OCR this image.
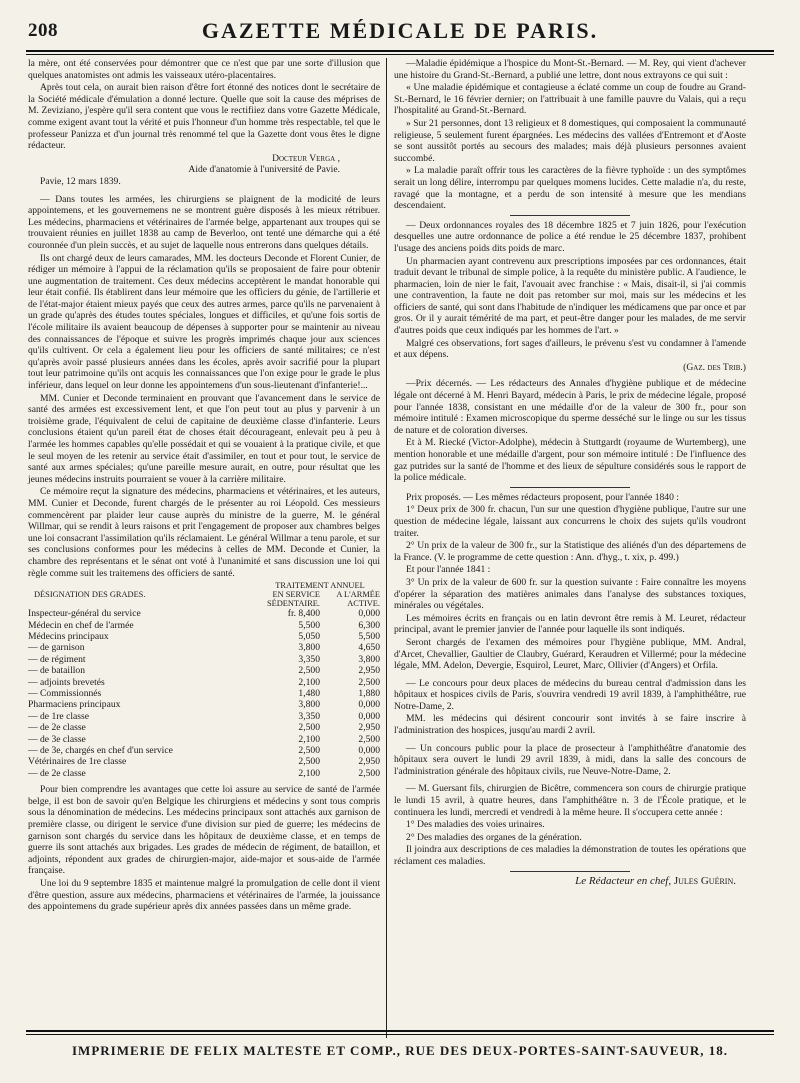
208	GAZETTE MÉDICALE DE PARIS.

la mère, ont été conservées pour démontrer que ce n'est que par une sorte d'illusion que quelques anatomistes ont admis les vaisseaux utéro-placentaires.

Après tout cela, on aurait bien raison d'être fort étonné des notices dont le secrétaire de la Société médicale d'émulation a donné lecture. Quelle que soit la cause des méprises de M. Zeviziano, j'espère qu'il sera content que vous le rectifiiez dans votre Gazette Médicale, comme exigent avant tout la vérité et puis l'honneur d'un homme très respectable, tel que le professeur Panizza et d'un journal très renommé tel que la Gazette dont vous êtes le digne rédacteur.

Docteur Verga ,
Aide d'anatomie à l'université de Pavie.

Pavie, 12 mars 1839.

— Dans toutes les armées, les chirurgiens se plaignent de la modicité de leurs appointemens, et les gouvernemens ne se montrent guère disposés à les mieux rétribuer. Les médecins, pharmaciens et vétérinaires de l'armée belge, appartenant aux troupes qui se trouvaient réunies en juillet 1838 au camp de Beverloo, ont tenté une démarche qui a été couronnée d'un plein succès, et au sujet de laquelle nous entrerons dans quelques détails.

Ils ont chargé deux de leurs camarades, MM. les docteurs Deconde et Florent Cunier, de rédiger un mémoire à l'appui de la réclamation qu'ils se proposaient de faire pour obtenir une augmentation de traitement. Ces deux médecins acceptèrent le mandat honorable qui leur était confié. Ils établirent dans leur mémoire que les officiers du génie, de l'artillerie et de l'état-major étaient mieux payés que ceux des autres armes, parce qu'ils ne parvenaient à un grade qu'après des études toutes spéciales, longues et difficiles, et qu'une fois sortis de l'école militaire ils avaient beaucoup de dépenses à supporter pour se maintenir au niveau des connaissances de l'époque et suivre les progrès imprimés chaque jour aux sciences qu'ils cultivent. Or cela a également lieu pour les officiers de santé militaires; ce n'est qu'après avoir passé plusieurs années dans les écoles, après avoir sacrifié pour la plupart tout leur patrimoine qu'ils ont acquis les connaissances que l'on exige pour le grade le plus inférieur, dans lequel on leur donne les appointemens d'un sous-lieutenant d'infanterie!...

MM. Cunier et Deconde terminaient en prouvant que l'avancement dans le service de santé des armées est excessivement lent, et que l'on peut tout au plus y parvenir à un troisième grade, l'équivalent de celui de capitaine de deuxième classe d'infanterie. Leurs conclusions étaient qu'un pareil état de choses était décourageant, enlevait peu à peu à l'armée les hommes capables qu'elle possédait et qui se vouaient à la pratique civile, et que le seul moyen de les retenir au service était d'assimiler, en tout et pour tout, le service de santé aux armes spéciales; qu'une pareille mesure aurait, en outre, pour résultat que les jeunes médecins instruits pourraient se vouer à la carrière militaire.

Ce mémoire reçut la signature des médecins, pharmaciens et vétérinaires, et les auteurs, MM. Cunier et Deconde, furent chargés de le présenter au roi Léopold. Ces messieurs commencèrent par plaider leur cause auprès du ministre de la guerre, M. le général Willmar, qui se rendit à leurs raisons et prit l'engagement de proposer aux chambres belges une loi consacrant l'assimilation qu'ils réclamaient. Le général Willmar a tenu parole, et sur ses conclusions conformes pour les médecins à celles de MM. Deconde et Cunier, la chambre des représentans et le sénat ont voté à l'unanimité et sans discussion une loi qui règle comme suit les traitemens des officiers de santé.

DÉSIGNATION DES GRADES.	TRAITEMENT ANNUEL	
	EN SERVICE SÉDENTAIRE.	A L'ARMÉE ACTIVE.
Inspecteur-général du service	fr. 8,400	0,000
Médecin en chef de l'armée	5,500	6,300
Médecins principaux	5,050	5,500
— de garnison	3,800	4,650
— de régiment	3,350	3,800
— de bataillon	2,500	2,950
— adjoints brevetés	2,100	2,500
— Commissionnés	1,480	1,880
Pharmaciens principaux	3,800	0,000
— de 1re classe	3,350	0,000
— de 2e classe	2,500	2,950
— de 3e classe	2,100	2,500
— de 3e, chargés en chef d'un service	2,500	0,000
Vétérinaires de 1re classe	2,500	2,950
— de 2e classe	2,100	2,500

Pour bien comprendre les avantages que cette loi assure au service de santé de l'armée belge, il est bon de savoir qu'en Belgique les chirurgiens et médecins y sont tous compris sous la dénomination de médecins. Les médecins principaux sont attachés aux garnison de première classe, ou dirigent le service d'une division sur pied de guerre; les médecins de garnison sont chargés du service dans les hôpitaux de deuxième classe, et en temps de guerre ils sont attachés aux brigades. Les grades de médecin de régiment, de bataillon, et adjoints, répondent aux grades de chirurgien-major, aide-major et sous-aide de l'armée française.

Une loi du 9 septembre 1835 et maintenue malgré la promulgation de celle dont il vient d'être question, assure aux médecins, pharmaciens et vétérinaires de l'armée, la jouissance des appointemens du grade supérieur après dix années passées dans un même grade.

—Maladie épidémique a l'hospice du Mont-St.-Bernard. — M. Rey, qui vient d'achever une histoire du Grand-St.-Bernard, a publié une lettre, dont nous extrayons ce qui suit :

« Une maladie épidémique et contagieuse a éclaté comme un coup de foudre au Grand-St.-Bernard, le 16 février dernier; on l'attribuait à une famille pauvre du Valais, qui a reçu l'hospitalité au Grand-St.-Bernard.

» Sur 21 personnes, dont 13 religieux et 8 domestiques, qui composaient la communauté religieuse, 5 seulement furent épargnées. Les médecins des vallées d'Entremont et d'Aoste se sont aussitôt portés au secours des malades; mais déjà plusieurs personnes avaient succombé.

» La maladie paraît offrir tous les caractères de la fièvre typhoïde : un des symptômes serait un long délire, interrompu par quelques momens lucides. Cette maladie n'a, du reste, ravagé que la montagne, et a perdu de son intensité à mesure que les mendians descendaient.

— Deux ordonnances royales des 18 décembre 1825 et 7 juin 1826, pour l'exécution desquelles une autre ordonnance de police a été rendue le 25 décembre 1837, prohibent l'usage des anciens poids dits poids de marc.

Un pharmacien ayant contrevenu aux prescriptions imposées par ces ordonnances, était traduit devant le tribunal de simple police, à la requête du ministère public. A l'audience, le pharmacien, loin de nier le fait, l'avouait avec franchise : « Mais, disait-il, si j'ai commis une contravention, la faute ne doit pas retomber sur moi, mais sur les médecins et les officiers de santé, qui sont dans l'habitude de n'indiquer les médicamens que par once et par gros. Or il y aurait témérité de ma part, et peut-être danger pour les malades, de me servir d'autres poids que ceux indiqués par les hommes de l'art. »

Malgré ces observations, fort sages d'ailleurs, le prévenu s'est vu condamner à l'amende et aux dépens.

(Gaz. des Trib.)

—Prix décernés. — Les rédacteurs des Annales d'hygiène publique et de médecine légale ont décerné à M. Henri Bayard, médecin à Paris, le prix de médecine légale, proposé pour l'année 1838, consistant en une médaille d'or de la valeur de 300 fr., pour son mémoire intitulé : Examen microscopique du sperme desséché sur le linge ou sur les tissus de nature et de coloration diverses.

Et à M. Riecké (Victor-Adolphe), médecin à Stuttgardt (royaume de Wurtemberg), une mention honorable et une médaille d'argent, pour son mémoire intitulé : De l'influence des gaz putrides sur la santé de l'homme et des lieux de sépulture considérés sous le rapport de la police médicale.

Prix proposés. — Les mêmes rédacteurs proposent, pour l'année 1840 :

1° Deux prix de 300 fr. chacun, l'un sur une question d'hygiène publique, l'autre sur une question de médecine légale, laissant aux concurrens le choix des sujets qu'ils voudront traiter.

2° Un prix de la valeur de 300 fr., sur la Statistique des aliénés d'un des départemens de la France. (V. le programme de cette question : Ann. d'hyg., t. xix, p. 499.)

Et pour l'année 1841 :

3° Un prix de la valeur de 600 fr. sur la question suivante : Faire connaître les moyens d'opérer la séparation des matières animales dans l'analyse des substances toxiques, minérales ou végétales.

Les mémoires écrits en français ou en latin devront être remis à M. Leuret, rédacteur principal, avant le premier janvier de l'année pour laquelle ils sont indiqués.

Seront chargés de l'examen des mémoires pour l'hygiène publique, MM. Andral, d'Arcet, Chevallier, Gaultier de Claubry, Guérard, Keraudren et Villermé; pour la médecine légale, MM. Adelon, Devergie, Esquirol, Leuret, Marc, Ollivier (d'Angers) et Orfila.

— Le concours pour deux places de médecins du bureau central d'admission dans les hôpitaux et hospices civils de Paris, s'ouvrira vendredi 19 avril 1839, à l'amphithéâtre, rue Notre-Dame, 2.

MM. les médecins qui désirent concourir sont invités à se faire inscrire à l'administration des hospices, jusqu'au mardi 2 avril.

— Un concours public pour la place de prosecteur à l'amphithéâtre d'anatomie des hôpitaux sera ouvert le lundi 29 avril 1839, à midi, dans la salle des concours de l'administration générale des hôpitaux civils, rue Neuve-Notre-Dame, 2.

— M. Guersant fils, chirurgien de Bicêtre, commencera son cours de chirurgie pratique le lundi 15 avril, à quatre heures, dans l'amphithéâtre n. 3 de l'École pratique, et le continuera les lundi, mercredi et vendredi à la même heure. Il s'occupera cette année :

1° Des maladies des voies urinaires.

2° Des maladies des organes de la génération.

Il joindra aux descriptions de ces maladies la démonstration de toutes les opérations que réclament ces maladies.

Le Rédacteur en chef, Jules Guérin.
IMPRIMERIE DE FELIX MALTESTE ET COMP., RUE DES DEUX-PORTES-SAINT-SAUVEUR, 18.
